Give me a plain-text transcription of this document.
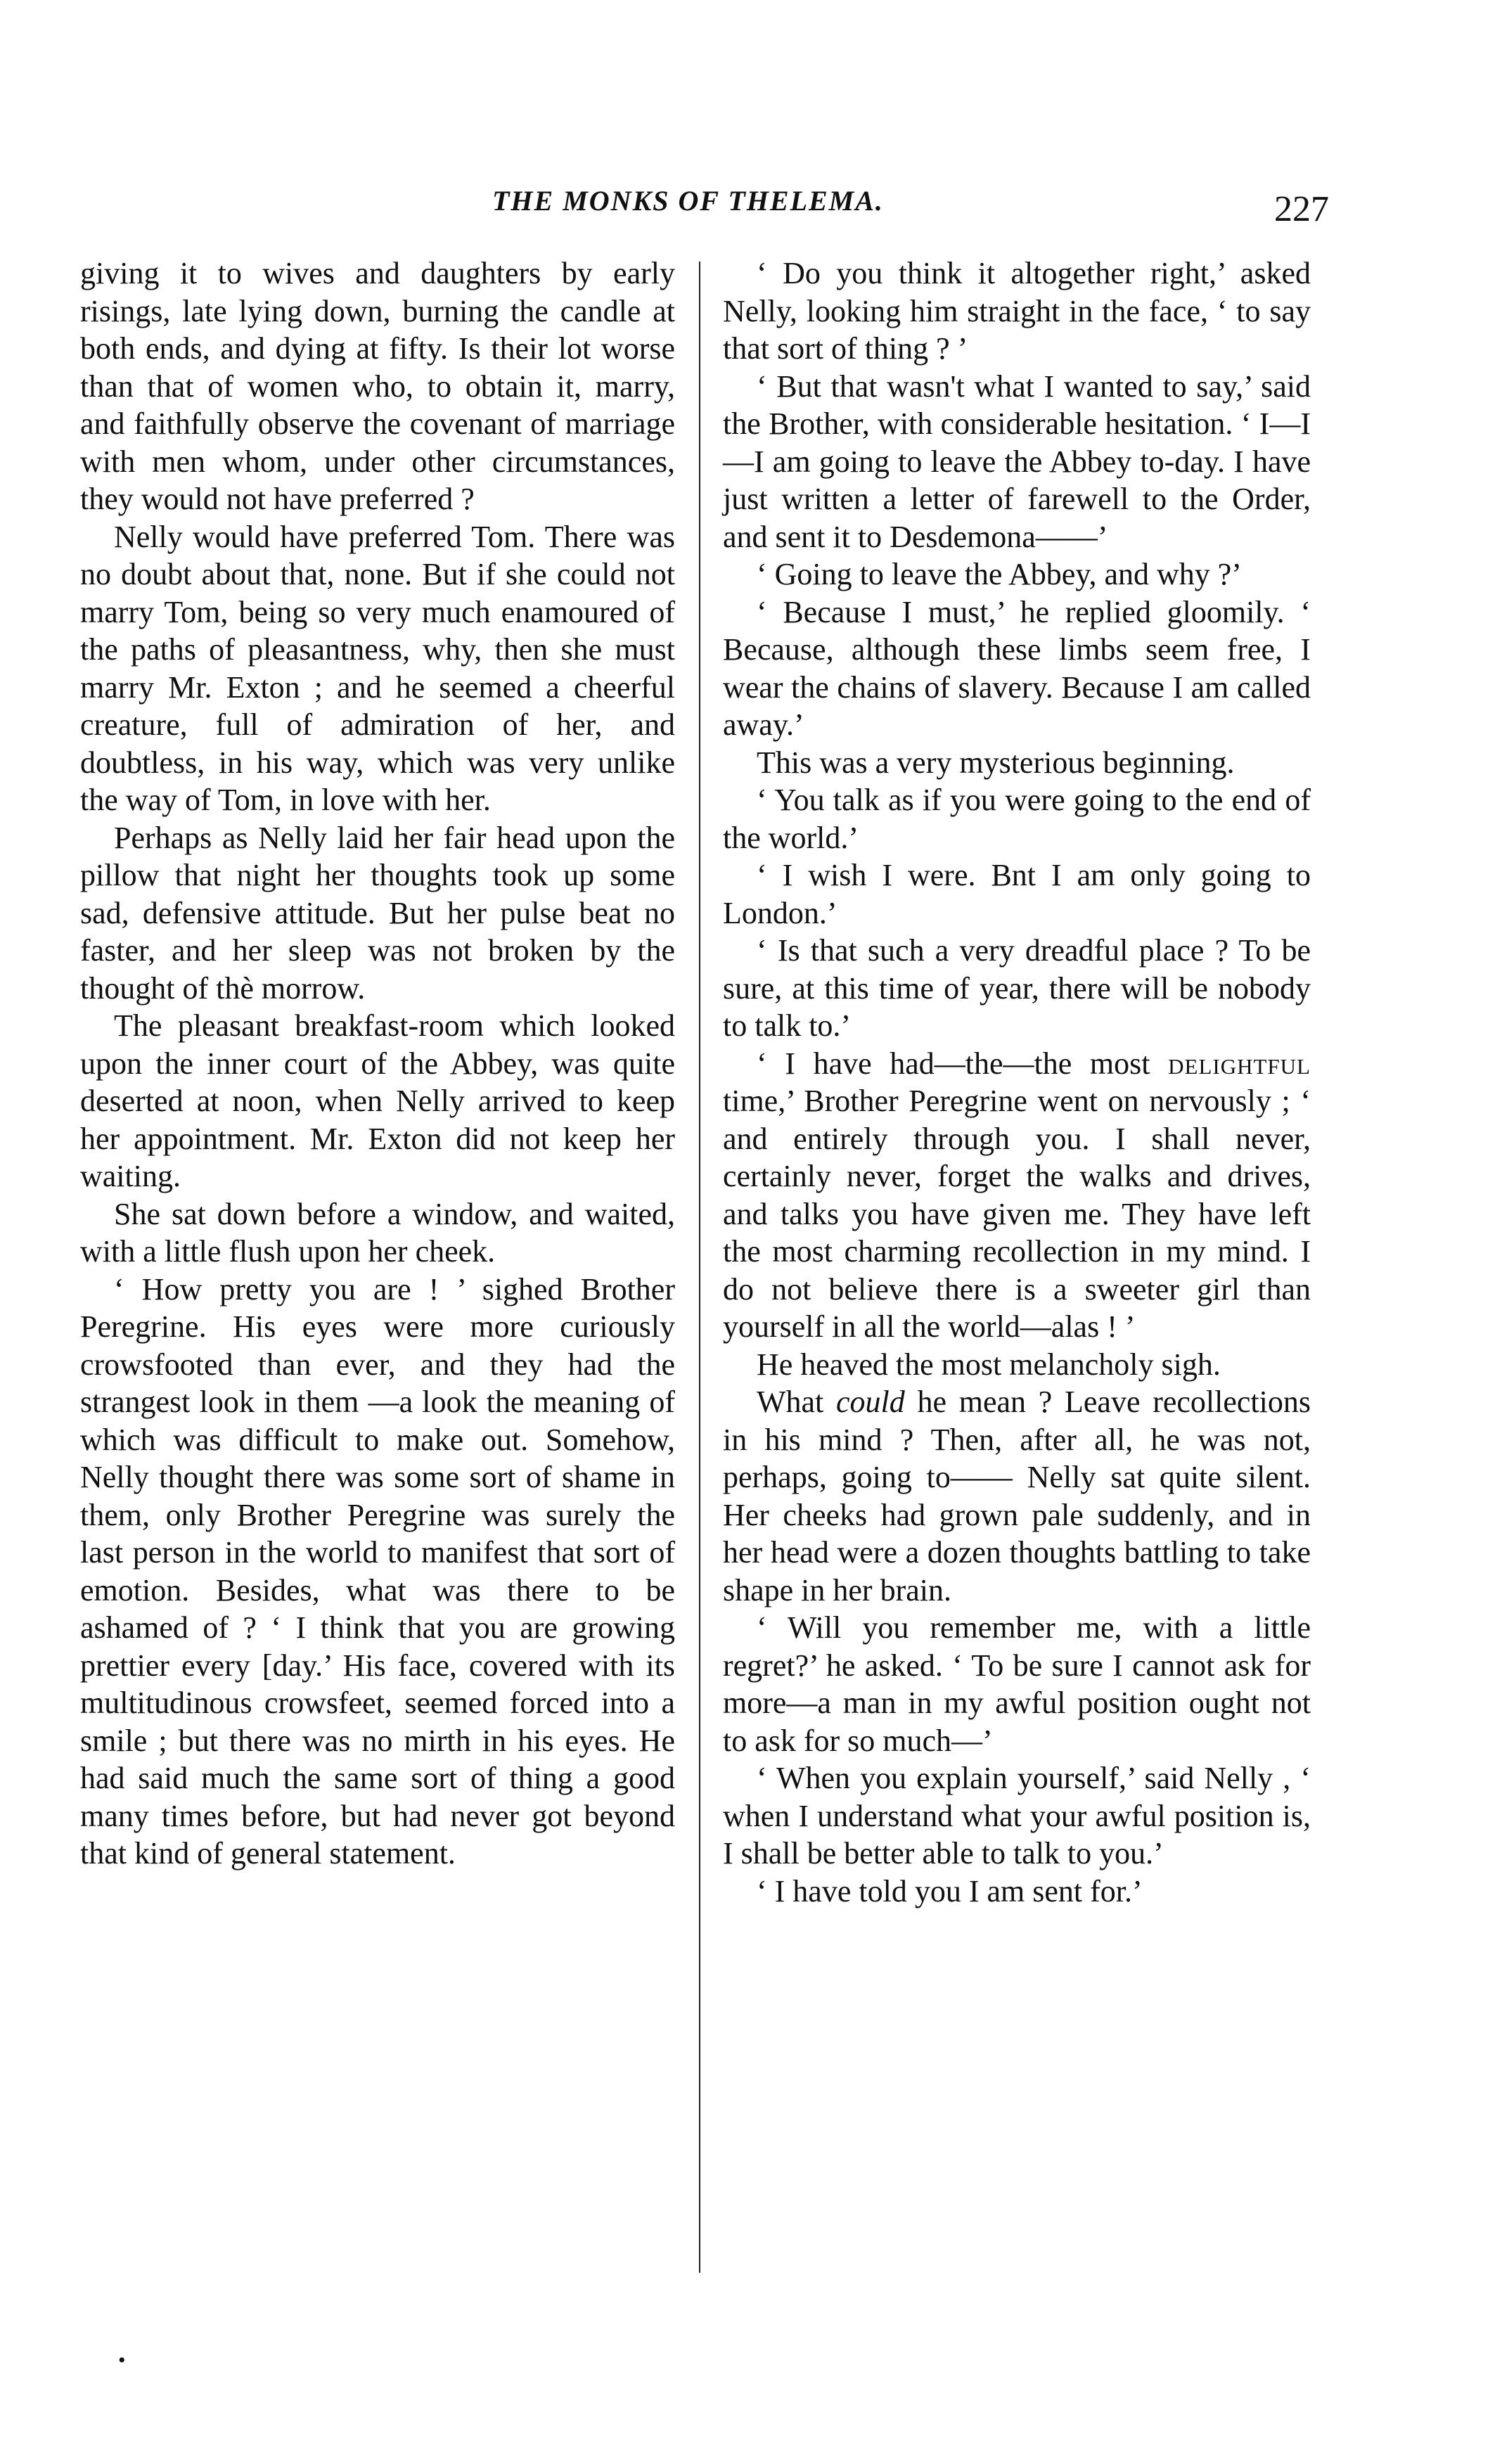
THE MONKS OF THELEMA.	227

giving it to wives and daughters by early risings, late lying down, burning the candle at both ends, and dying at fifty. Is their lot worse than that of women who, to obtain it, marry, and faithfully observe the covenant of marriage with men whom, under other circumstances, they would not have preferred ?

Nelly would have preferred Tom. There was no doubt about that, none. But if she could not marry Tom, being so very much enamoured of the paths of pleasantness, why, then she must marry Mr. Exton ; and he seemed a cheerful creature, full of admiration of her, and doubtless, in his way, which was very unlike the way of Tom, in love with her.

Perhaps as Nelly laid her fair head upon the pillow that night her thoughts took up some sad, defensive attitude. But her pulse beat no faster, and her sleep was not broken by the thought of thè morrow.

The pleasant breakfast-room which looked upon the inner court of the Abbey, was quite deserted at noon, when Nelly arrived to keep her appointment. Mr. Exton did not keep her waiting.

She sat down before a window, and waited, with a little flush upon her cheek.

‘ How pretty you are ! ’ sighed Brother Peregrine. His eyes were more curiously crowsfooted than ever, and they had the strangest look in them —a look the meaning of which was difficult to make out. Somehow, Nelly thought there was some sort of shame in them, only Brother Peregrine was surely the last person in the world to manifest that sort of emotion. Besides, what was there to be ashamed of ? ‘ I think that you are growing prettier every [day.’ His face, covered with its multitudinous crowsfeet, seemed forced into a smile ; but there was no mirth in his eyes. He had said much the same sort of thing a good many times before, but had never got beyond that kind of general statement.

‘ Do you think it altogether right,’ asked Nelly, looking him straight in the face, ‘ to say that sort of thing ? ’

‘ But that wasn't what I wanted to say,’ said the Brother, with considerable hesitation. ‘ I—I—I am going to leave the Abbey to-day. I have just written a letter of farewell to the Order, and sent it to Desdemona——’

‘ Going to leave the Abbey, and why ?’

‘ Because I must,’ he replied gloomily. ‘ Because, although these limbs seem free, I wear the chains of slavery. Because I am called away.’

This was a very mysterious beginning.

‘ You talk as if you were going to the end of the world.’

‘ I wish I were. Bnt I am only going to London.’

‘ Is that such a very dreadful place ? To be sure, at this time of year, there will be nobody to talk to.’

‘ I have had—the—the most delightful time,’ Brother Peregrine went on nervously ; ‘ and entirely through you. I shall never, certainly never, forget the walks and drives, and talks you have given me. They have left the most charming recollection in my mind. I do not believe there is a sweeter girl than yourself in all the world—alas ! ’

He heaved the most melancholy sigh.

What could he mean ? Leave recollections in his mind ? Then, after all, he was not, perhaps, going to—— Nelly sat quite silent. Her cheeks had grown pale suddenly, and in her head were a dozen thoughts battling to take shape in her brain.

‘ Will you remember me, with a little regret?’ he asked. ‘ To be sure I cannot ask for more—a man in my awful position ought not to ask for so much—’

‘ When you explain yourself,’ said Nelly , ‘ when I understand what your awful position is, I shall be better able to talk to you.’

‘ I have told you I am sent for.’

•
